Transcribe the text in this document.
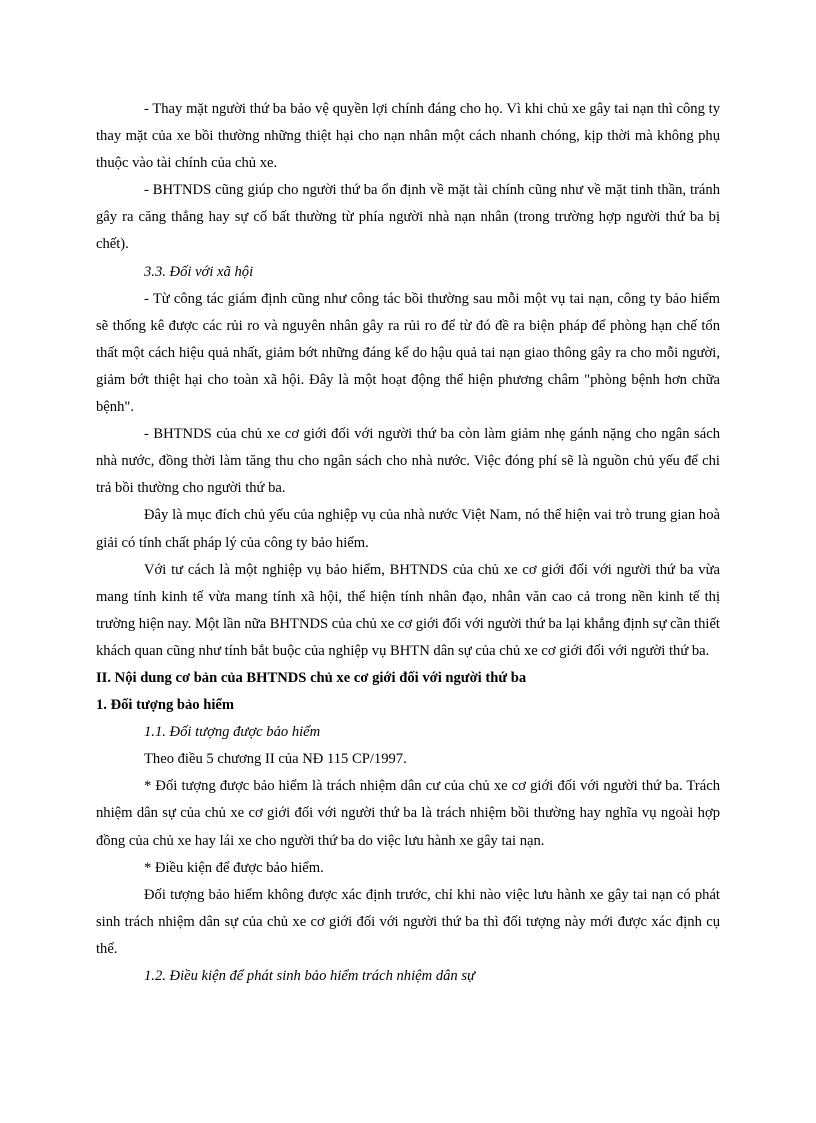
- Thay mặt người thứ ba bảo vệ quyền lợi chính đáng cho họ. Vì khi chủ xe gây tai nạn thì công ty thay mặt của xe bồi thường những thiệt hại cho nạn nhân một cách nhanh chóng, kịp thời mà không phụ thuộc vào tài chính của chủ xe.

- BHTNDS cũng giúp cho người thứ ba ổn định về mặt tài chính cũng như về mặt tinh thần, tránh gây ra căng thẳng hay sự cố bất thường từ phía người nhà nạn nhân (trong trường hợp người thứ ba bị chết).

3.3. Đối với xã hội

- Từ công tác giám định cũng như công tác bồi thường sau mỗi một vụ tai nạn, công ty bảo hiểm sẽ thống kê được các rủi ro và nguyên nhân gây ra rủi ro để từ đó đề ra biện pháp để phòng hạn chế tổn thất một cách hiệu quả nhất, giảm bớt những đáng kể do hậu quả tai nạn giao thông gây ra cho mỗi người, giảm bớt thiệt hại cho toàn xã hội. Đây là một hoạt động thể hiện phương châm "phòng bệnh hơn chữa bệnh".

- BHTNDS của chủ xe cơ giới đối với người thứ ba còn làm giảm nhẹ gánh nặng cho ngân sách nhà nước, đồng thời làm tăng thu cho ngân sách cho nhà nước. Việc đóng phí sẽ là nguồn chủ yếu để chi trả bồi thường cho người thứ ba.

Đây là mục đích chủ yếu của nghiệp vụ của nhà nước Việt Nam, nó thể hiện vai trò trung gian hoà giải có tính chất pháp lý của công ty bảo hiểm.

Với tư cách là một nghiệp vụ bảo hiểm, BHTNDS của chủ xe cơ giới đối với người thứ ba vừa mang tính kinh tế vừa mang tính xã hội, thể hiện tính nhân đạo, nhân văn cao cả trong nền kinh tế thị trường hiện nay. Một lần nữa BHTNDS của chủ xe cơ giới đối với người thứ ba lại khẳng định sự cần thiết khách quan cũng như tính bắt buộc của nghiệp vụ BHTN dân sự của chủ xe cơ giới đối với người thứ ba.

II. Nội dung cơ bản của BHTNDS chủ xe cơ giới đối với người thứ ba

1. Đối tượng bảo hiểm

1.1. Đối tượng được bảo hiểm

Theo điều 5 chương II của NĐ 115 CP/1997.

* Đối tượng được bảo hiểm là trách nhiệm dân cư của chủ xe cơ giới đối với người thứ ba. Trách nhiệm dân sự của chủ xe cơ giới đối với người thứ ba là trách nhiệm bồi thường hay nghĩa vụ ngoài hợp đồng của chủ xe hay lái xe cho người thứ ba do việc lưu hành xe gây tai nạn.

* Điều kiện để được bảo hiểm.

Đối tượng bảo hiểm không được xác định trước, chỉ khi nào việc lưu hành xe gây tai nạn có phát sinh trách nhiệm dân sự của chủ xe cơ giới đối với người thứ ba thì đối tượng này mới được xác định cụ thể.

1.2. Điều kiện để phát sinh bảo hiểm trách nhiệm dân sự
